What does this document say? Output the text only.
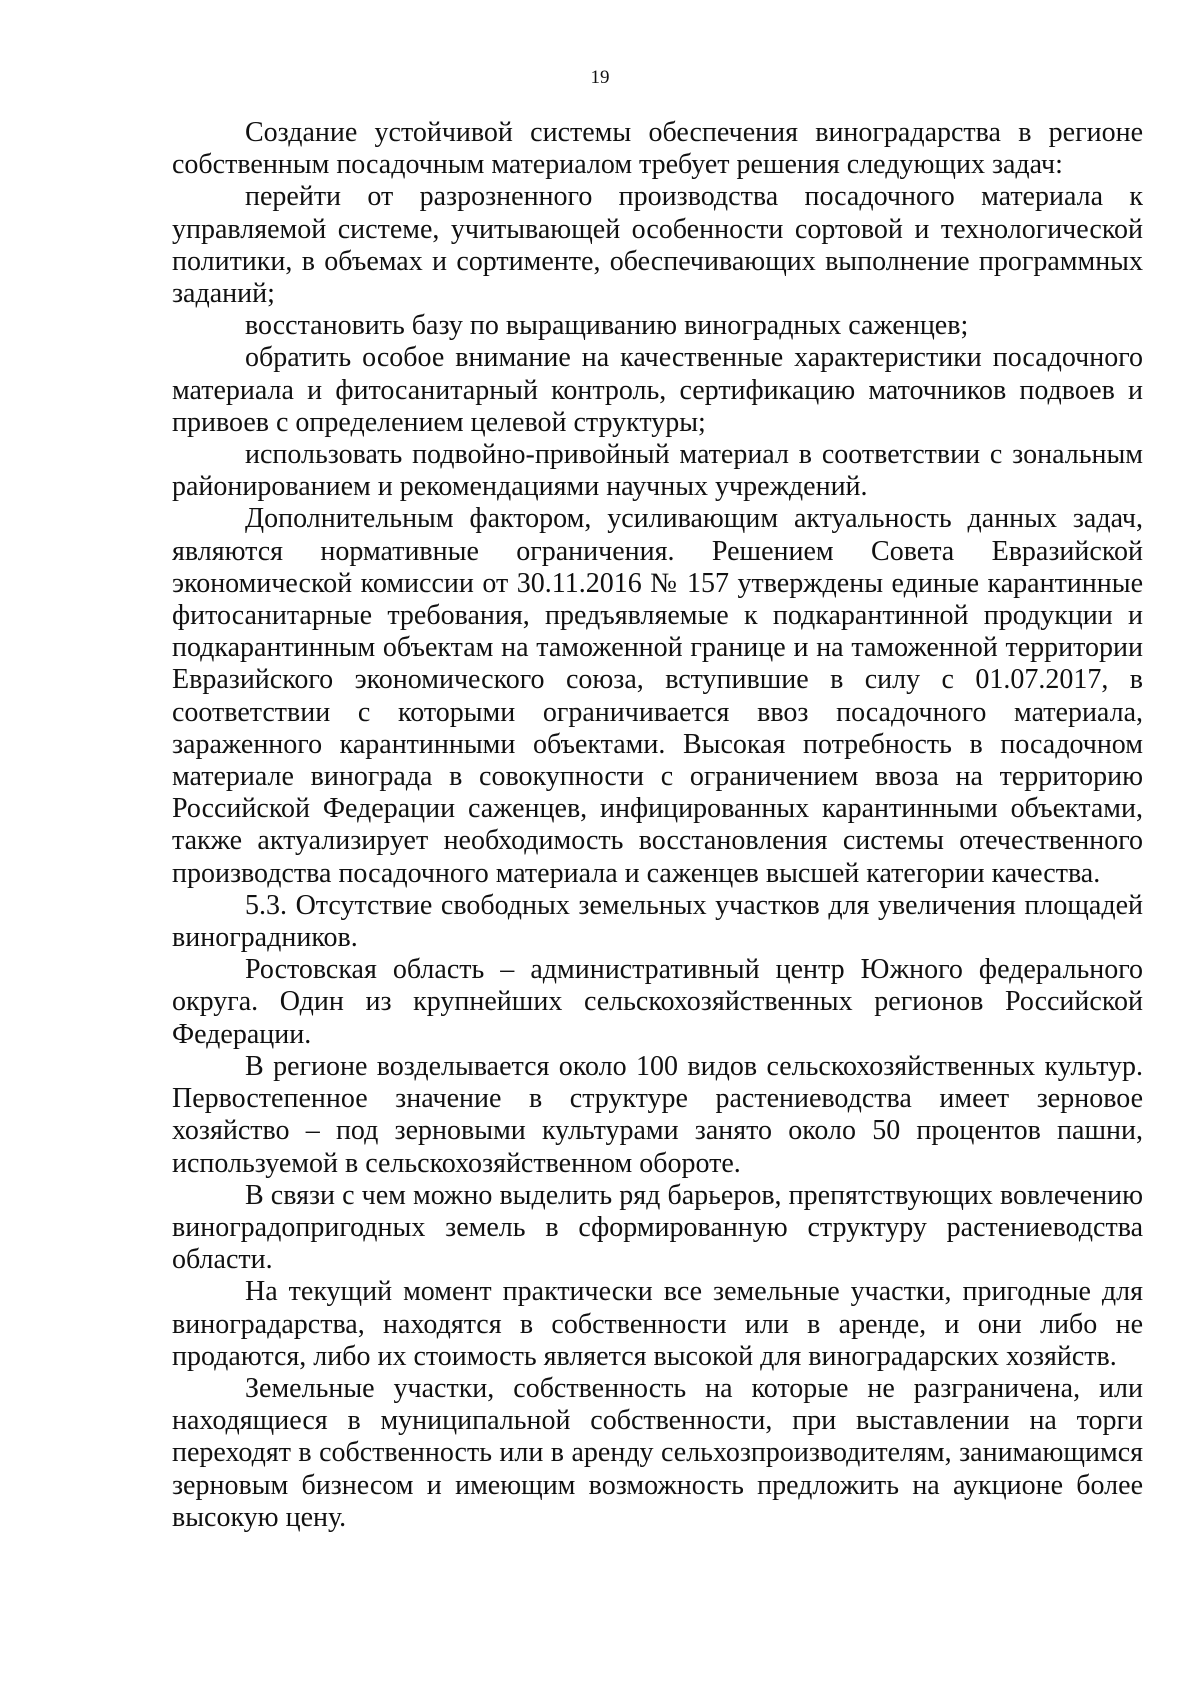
19

Создание устойчивой системы обеспечения виноградарства в регионе собственным посадочным материалом требует решения следующих задач:

перейти от разрозненного производства посадочного материала к управляемой системе, учитывающей особенности сортовой и технологической политики, в объемах и сортименте, обеспечивающих выполнение программных заданий;

восстановить базу по выращиванию виноградных саженцев;

обратить особое внимание на качественные характеристики посадочного материала и фитосанитарный контроль, сертификацию маточников подвоев и привоев с определением целевой структуры;

использовать подвойно-привойный материал в соответствии с зональным районированием и рекомендациями научных учреждений.

Дополнительным фактором, усиливающим актуальность данных задач, являются нормативные ограничения. Решением Совета Евразийской экономической комиссии от 30.11.2016 № 157 утверждены единые карантинные фитосанитарные требования, предъявляемые к подкарантинной продукции и подкарантинным объектам на таможенной границе и на таможенной территории Евразийского экономического союза, вступившие в силу с 01.07.2017, в соответствии с которыми ограничивается ввоз посадочного материала, зараженного карантинными объектами. Высокая потребность в посадочном материале винограда в совокупности с ограничением ввоза на территорию Российской Федерации саженцев, инфицированных карантинными объектами, также актуализирует необходимость восстановления системы отечественного производства посадочного материала и саженцев высшей категории качества.

5.3. Отсутствие свободных земельных участков для увеличения площадей виноградников.

Ростовская область – административный центр Южного федерального округа. Один из крупнейших сельскохозяйственных регионов Российской Федерации.

В регионе возделывается около 100 видов сельскохозяйственных культур. Первостепенное значение в структуре растениеводства имеет зерновое хозяйство – под зерновыми культурами занято около 50 процентов пашни, используемой в сельскохозяйственном обороте.

В связи с чем можно выделить ряд барьеров, препятствующих вовлечению виноградопригодных земель в сформированную структуру растениеводства области.

На текущий момент практически все земельные участки, пригодные для виноградарства, находятся в собственности или в аренде, и они либо не продаются, либо их стоимость является высокой для виноградарских хозяйств.

Земельные участки, собственность на которые не разграничена, или находящиеся в муниципальной собственности, при выставлении на торги переходят в собственность или в аренду сельхозпроизводителям, занимающимся зерновым бизнесом и имеющим возможность предложить на аукционе более высокую цену.
